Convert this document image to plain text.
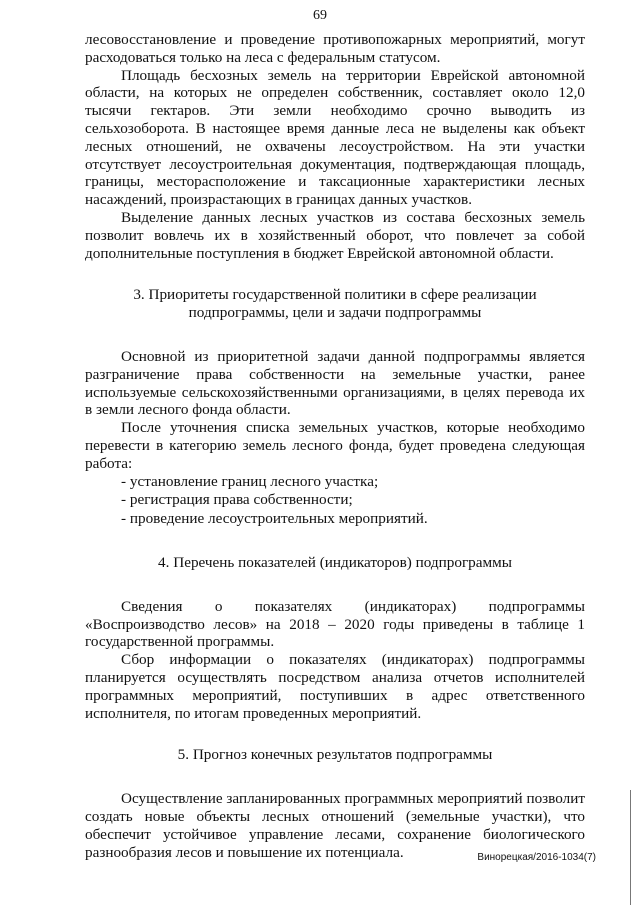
69

лесовосстановление и проведение противопожарных мероприятий, могут расходоваться только на леса с федеральным статусом.

Площадь бесхозных земель на территории Еврейской автономной области, на которых не определен собственник, составляет около 12,0 тысячи гектаров. Эти земли необходимо срочно выводить из сельхозоборота. В настоящее время данные леса не выделены как объект лесных отношений, не охвачены лесоустройством. На эти участки отсутствует лесоустроительная документация, подтверждающая площадь, границы, месторасположение и таксационные характеристики лесных насаждений, произрастающих в границах данных участков.

Выделение данных лесных участков из состава бесхозных земель позволит вовлечь их в хозяйственный оборот, что повлечет за собой дополнительные поступления в бюджет Еврейской автономной области.

3. Приоритеты государственной политики в сфере реализации
подпрограммы, цели и задачи подпрограммы

Основной из приоритетной задачи данной подпрограммы является разграничение права собственности на земельные участки, ранее используемые сельскохозяйственными организациями, в целях перевода их в земли лесного фонда области.

После уточнения списка земельных участков, которые необходимо перевести в категорию земель лесного фонда, будет проведена следующая работа:

- установление границ лесного участка;
- регистрация права собственности;
- проведение лесоустроительных мероприятий.
4. Перечень показателей (индикаторов) подпрограммы

Сведения о показателях (индикаторах) подпрограммы «Воспроизводство лесов» на 2018 – 2020 годы приведены в таблице 1 государственной программы.

Сбор информации о показателях (индикаторах) подпрограммы планируется осуществлять посредством анализа отчетов исполнителей программных мероприятий, поступивших в адрес ответственного исполнителя, по итогам проведенных мероприятий.

5. Прогноз конечных результатов подпрограммы

Осуществление запланированных программных мероприятий позволит создать новые объекты лесных отношений (земельные участки), что обеспечит устойчивое управление лесами, сохранение биологического разнообразия лесов и повышение их потенциала.	Винорецкая/2016-1034(7)
